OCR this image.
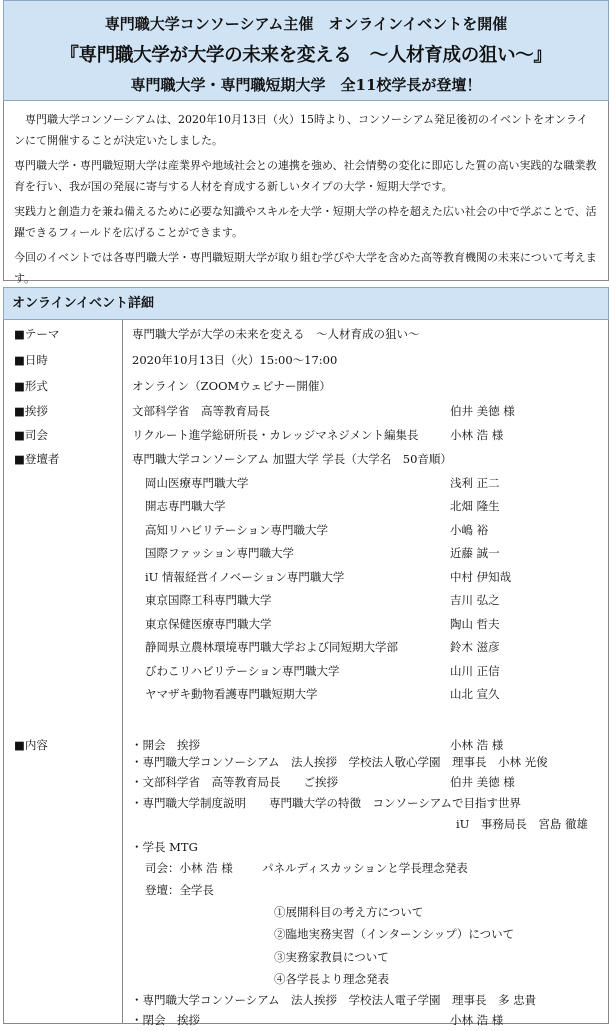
専門職大学コンソーシアム主催　オンラインイベントを開催
『専門職大学が大学の未来を変える　～人材育成の狙い～』
専門職大学・専門職短期大学　全11校学長が登壇！

専門職大学コンソーシアムは、2020年10月13日（火）15時より、コンソーシアム発足後初のイベントをオンラインにて開催することが決定いたしました。

専門職大学・専門職短期大学は産業界や地域社会との連携を強め、社会情勢の変化に即応した質の高い実践的な職業教育を行い、我が国の発展に寄与する人材を育成する新しいタイプの大学・短期大学です。

実践力と創造力を兼ね備えるために必要な知識やスキルを大学・短期大学の枠を超えた広い社会の中で学ぶことで、活躍できるフィールドを広げることができます。

今回のイベントでは各専門職大学・専門職短期大学が取り組む学びや大学を含めた高等教育機関の未来について考えます。

オンラインイベント詳細
■テーマ	専門職大学が大学の未来を変える　～人材育成の狙い～
■日時	2020年10月13日（火）15:00～17:00
■形式	オンライン（ZOOMウェビナー開催）
■挨拶	文部科学省　高等教育局長	伯井 美徳 様
■司会	リクルート進学総研所長・カレッジマネジメント編集長	小林 浩 様
■登壇者	専門職大学コンソーシアム 加盟大学 学長（大学名　50音順）
岡山医療専門職大学	浅利 正二
開志専門職大学	北畑 隆生
高知リハビリテーション専門職大学	小嶋 裕
国際ファッション専門職大学	近藤 誠一
iU 情報経営イノベーション専門職大学	中村 伊知哉
東京国際工科専門職大学	吉川 弘之
東京保健医療専門職大学	陶山 哲夫
静岡県立農林環境専門職大学および同短期大学部	鈴木 滋彦
びわこリハビリテーション専門職大学	山川 正信
ヤマザキ動物看護専門職短期大学	山北 宣久
■内容	・開会　挨拶	小林 浩 様
・専門職大学コンソーシアム　法人挨拶　学校法人敬心学園　理事長　小林 光俊
・文部科学省　高等教育局長　　ご挨拶	伯井 美徳 様
・専門職大学制度説明　　専門職大学の特徴　コンソーシアムで目指す世界
iU　事務局長　宮島 徹雄
・学長 MTG
司会：小林 浩 様	パネルディスカッションと学長理念発表
登壇：全学長
①展開科目の考え方について
②臨地実務実習（インターンシップ）について
③実務家教員について
④各学長より理念発表
・専門職大学コンソーシアム　法人挨拶　学校法人電子学園　理事長　多 忠貴
・閉会　挨拶	小林 浩 様
